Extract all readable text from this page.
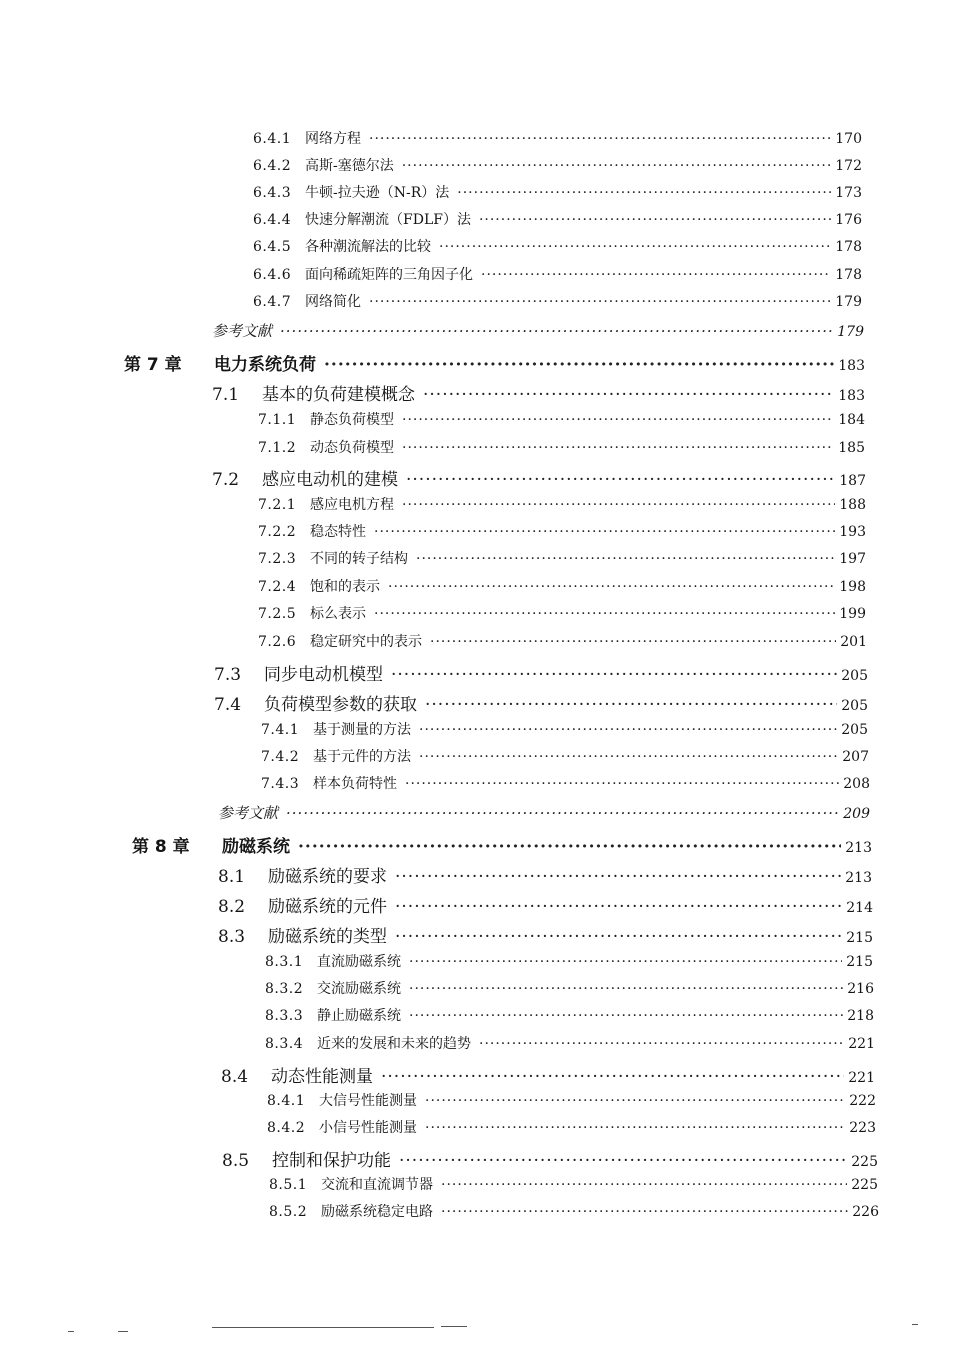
6.4.1 网络方程 ·····	170
6.4.2 高斯-塞德尔法 ·····	172
6.4.3 牛顿-拉夫逊（N-R）法 ·····	173
6.4.4 快速分解潮流（FDLF）法 ·····	176
6.4.5 各种潮流解法的比较 ·····	178
6.4.6 面向稀疏矩阵的三角因子化 ·····	178
6.4.7 网络简化 ·····	179
参考文献 ·····	179
第 7 章	电力系统负荷 ·····	183
7.1	基本的负荷建模概念 ·····	183
7.1.1 静态负荷模型 ·····	184
7.1.2 动态负荷模型 ·····	185
7.2	感应电动机的建模 ·····	187
7.2.1 感应电机方程 ·····	188
7.2.2 稳态特性 ·····	193
7.2.3 不同的转子结构 ·····	197
7.2.4 饱和的表示 ·····	198
7.2.5 标么表示 ·····	199
7.2.6 稳定研究中的表示 ·····	201
7.3	同步电动机模型 ·····	205
7.4	负荷模型参数的获取 ·····	205
7.4.1 基于测量的方法 ·····	205
7.4.2 基于元件的方法 ·····	207
7.4.3 样本负荷特性 ·····	208
参考文献 ·····	209
第 8 章	励磁系统 ·····	213
8.1	励磁系统的要求 ·····	213
8.2	励磁系统的元件 ·····	214
8.3	励磁系统的类型 ·····	215
8.3.1 直流励磁系统 ·····	215
8.3.2 交流励磁系统 ·····	216
8.3.3 静止励磁系统 ·····	218
8.3.4 近来的发展和未来的趋势 ·····	221
8.4	动态性能测量 ·····	221
8.4.1 大信号性能测量 ·····	222
8.4.2 小信号性能测量 ·····	223
8.5	控制和保护功能 ·····	225
8.5.1 交流和直流调节器 ·····	225
8.5.2 励磁系统稳定电路 ·····	226
